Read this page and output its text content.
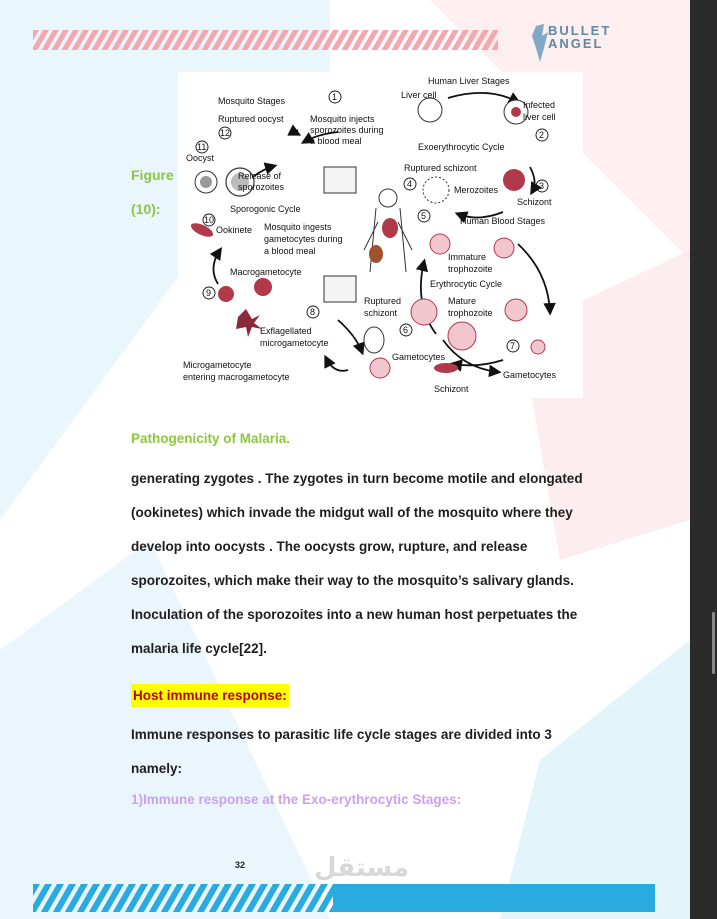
BULLET
ANGEL
Figure
(10):
1
2
3
4
5
6
7
8
9
10
11
12
Mosquito Stages
Ruptured oocyst
Oocyst
Release of
sporozoites
Sporogonic Cycle
Ookinete
Mosquito injects
sporozoites during
a blood meal
Mosquito ingests
gametocytes during
a blood meal
Macrogametocyte
Exflagellated
microgametocyte
Microgametocyte
entering macrogametocyte
Human Liver Stages
Liver cell
Infected
liver cell
Exoerythrocytic Cycle
Ruptured schizont
Merozoites
Schizont
Human Blood Stages
Immature
trophozoite
Erythrocytic Cycle
Mature
trophozoite
Ruptured
schizont
Gametocytes
Gametocytes
Schizont
Pathogenicity of Malaria.
generating zygotes . The zygotes in turn become motile and elongated
(ookinetes) which invade the midgut wall of the mosquito where they
develop into oocysts . The oocysts grow, rupture, and release
sporozoites, which make their way to the mosquito’s salivary glands.
Inoculation of the sporozoites into a new human host perpetuates the
malaria life cycle[22].
Host immune response:
Immune responses to parasitic life cycle stages are divided into 3
namely:
1)Immune response at the Exo-erythrocytic Stages:
32	مستقل
